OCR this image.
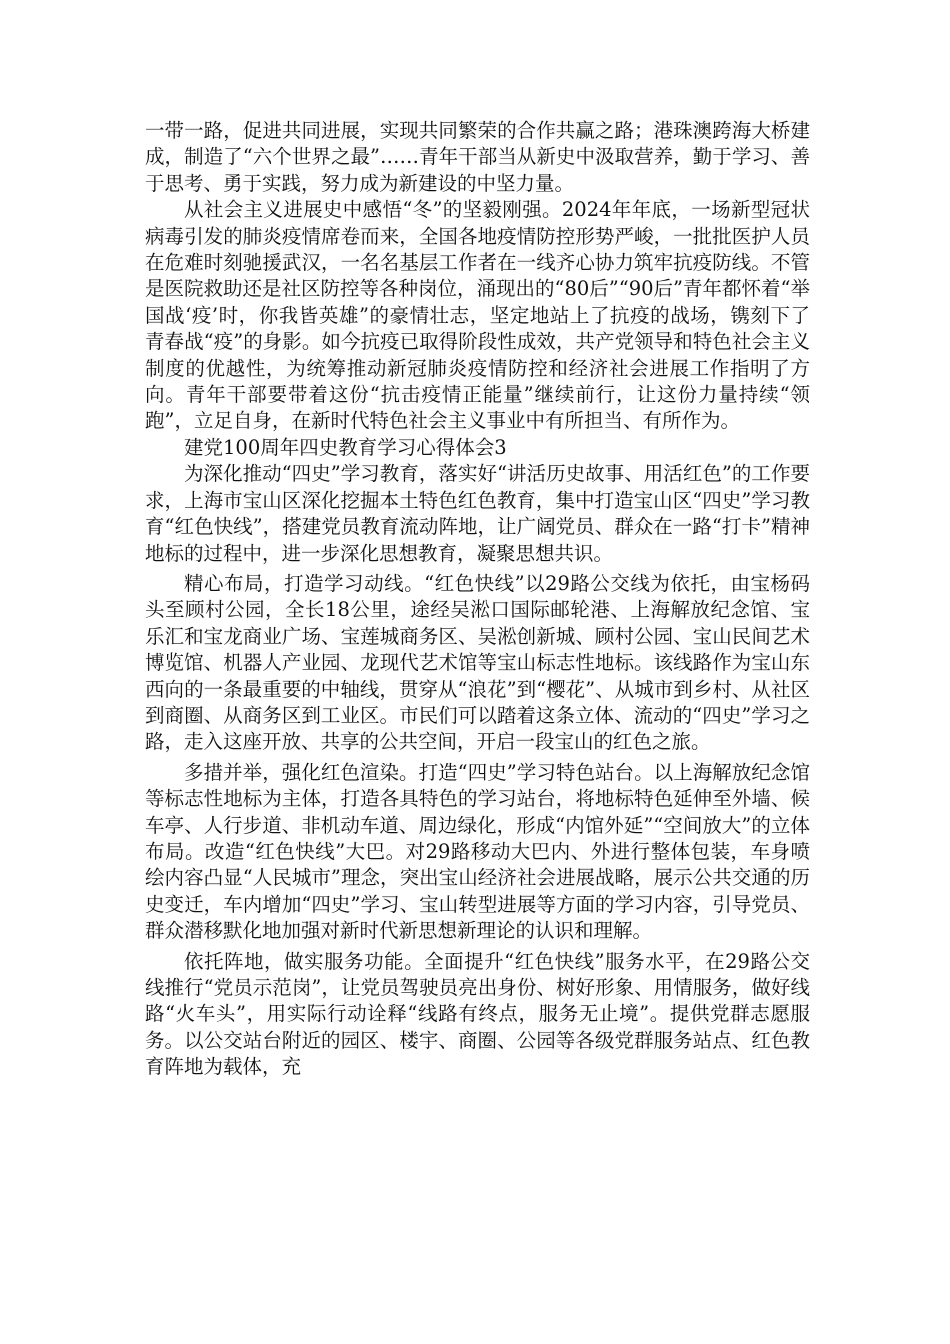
一带一路，促进共同进展，实现共同繁荣的合作共赢之路；港珠澳跨海大桥建成，制造了“六个世界之最”……青年干部当从新史中汲取营养，勤于学习、善于思考、勇于实践，努力成为新建设的中坚力量。

从社会主义进展史中感悟“冬”的坚毅刚强。2024年年底，一场新型冠状病毒引发的肺炎疫情席卷而来，全国各地疫情防控形势严峻，一批批医护人员在危难时刻驰援武汉，一名名基层工作者在一线齐心协力筑牢抗疫防线。不管是医院救助还是社区防控等各种岗位，涌现出的“80后”“90后”青年都怀着“举国战‘疫’时，你我皆英雄”的豪情壮志，坚定地站上了抗疫的战场，镌刻下了青春战“疫”的身影。如今抗疫已取得阶段性成效，共产党领导和特色社会主义制度的优越性，为统筹推动新冠肺炎疫情防控和经济社会进展工作指明了方向。青年干部要带着这份“抗击疫情正能量”继续前行，让这份力量持续“领跑”，立足自身，在新时代特色社会主义事业中有所担当、有所作为。

建党100周年四史教育学习心得体会3

为深化推动“四史”学习教育，落实好“讲活历史故事、用活红色”的工作要求，上海市宝山区深化挖掘本土特色红色教育，集中打造宝山区“四史”学习教育“红色快线”，搭建党员教育流动阵地，让广阔党员、群众在一路“打卡”精神地标的过程中，进一步深化思想教育，凝聚思想共识。

精心布局，打造学习动线。“红色快线”以29路公交线为依托，由宝杨码头至顾村公园，全长18公里，途经吴淞口国际邮轮港、上海解放纪念馆、宝乐汇和宝龙商业广场、宝莲城商务区、吴淞创新城、顾村公园、宝山民间艺术博览馆、机器人产业园、龙现代艺术馆等宝山标志性地标。该线路作为宝山东西向的一条最重要的中轴线，贯穿从“浪花”到“樱花”、从城市到乡村、从社区到商圈、从商务区到工业区。市民们可以踏着这条立体、流动的“四史”学习之路，走入这座开放、共享的公共空间，开启一段宝山的红色之旅。

多措并举，强化红色渲染。打造“四史”学习特色站台。以上海解放纪念馆等标志性地标为主体，打造各具特色的学习站台，将地标特色延伸至外墙、候车亭、人行步道、非机动车道、周边绿化，形成“内馆外延”“空间放大”的立体布局。改造“红色快线”大巴。对29路移动大巴内、外进行整体包装，车身喷绘内容凸显“人民城市”理念，突出宝山经济社会进展战略，展示公共交通的历史变迁，车内增加“四史”学习、宝山转型进展等方面的学习内容，引导党员、群众潜移默化地加强对新时代新思想新理论的认识和理解。

依托阵地，做实服务功能。全面提升“红色快线”服务水平，在29路公交线推行“党员示范岗”，让党员驾驶员亮出身份、树好形象、用情服务，做好线路“火车头”，用实际行动诠释“线路有终点，服务无止境”。提供党群志愿服务。以公交站台附近的园区、楼宇、商圈、公园等各级党群服务站点、红色教育阵地为载体，充
